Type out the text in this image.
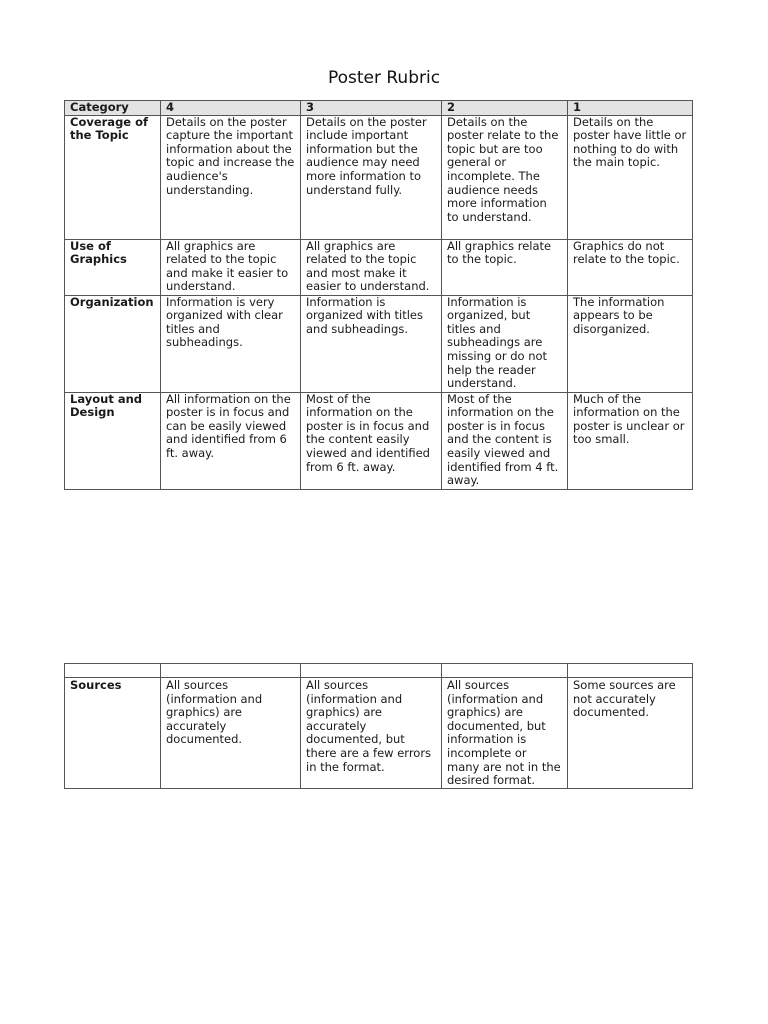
Poster Rubric
Category	4	3	2	1
Coverage of the Topic	Details on the poster capture the important information about the topic and increase the audience's understanding.	Details on the poster include important information but the audience may need more information to understand fully.	Details on the poster relate to the topic but are too general or incomplete. The audience needs more information to understand.	Details on the poster have little or nothing to do with the main topic.
Use of Graphics	All graphics are related to the topic and make it easier to understand.	All graphics are related to the topic and most make it easier to understand.	All graphics relate to the topic.	Graphics do not relate to the topic.
Organization	Information is very organized with clear titles and subheadings.	Information is organized with titles and subheadings.	Information is organized, but titles and subheadings are missing or do not help the reader understand.	The information appears to be disorganized.
Layout and Design	All information on the poster is in focus and can be easily viewed and identified from 6 ft. away.	Most of the information on the poster is in focus and the content easily viewed and identified from 6 ft. away.	Most of the information on the poster is in focus and the content is easily viewed and identified from 4 ft. away.	Much of the information on the poster is unclear or too small.

Sources	All sources (information and graphics) are accurately documented.	All sources (information and graphics) are accurately documented, but there are a few errors in the format.	All sources (information and graphics) are documented, but information is incomplete or many are not in the desired format.	Some sources are not accurately documented.
